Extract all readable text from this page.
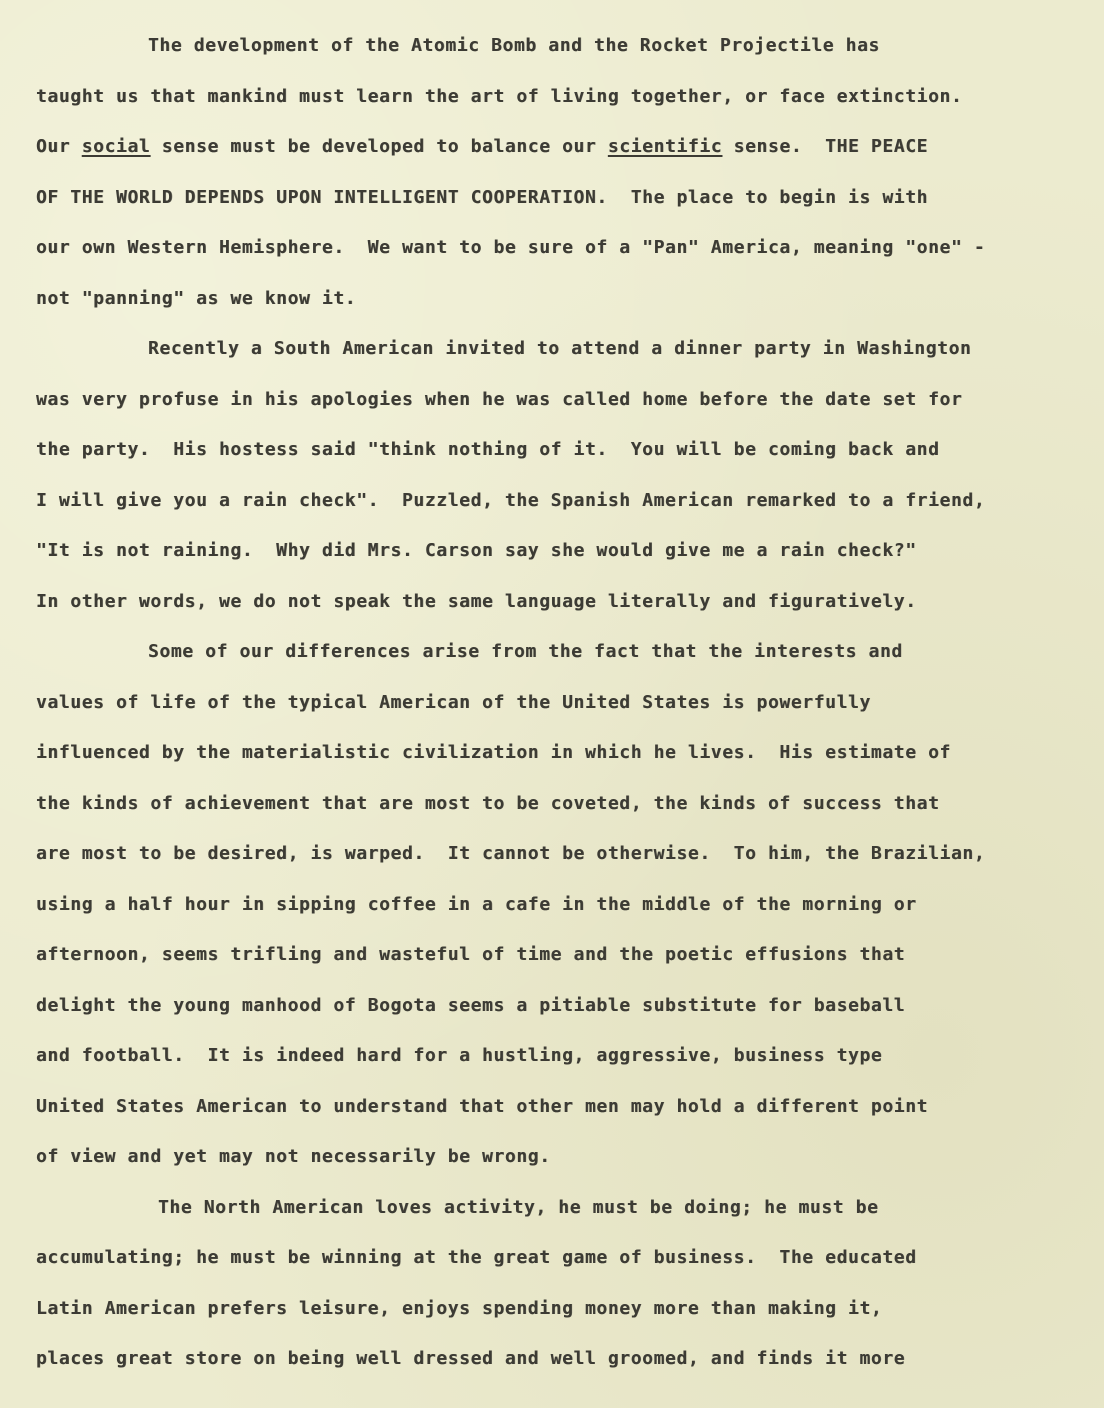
The development of the Atomic Bomb and the Rocket Projectile has
taught us that mankind must learn the art of living together, or face extinction.
Our social sense must be developed to balance our scientific sense.  THE PEACE
OF THE WORLD DEPENDS UPON INTELLIGENT COOPERATION.  The place to begin is with
our own Western Hemisphere.  We want to be sure of a "Pan" America, meaning "one" -
not "panning" as we know it.
Recently a South American invited to attend a dinner party in Washington
was very profuse in his apologies when he was called home before the date set for
the party.  His hostess said "think nothing of it.  You will be coming back and
I will give you a rain check".  Puzzled, the Spanish American remarked to a friend,
"It is not raining.  Why did Mrs. Carson say she would give me a rain check?"
In other words, we do not speak the same language literally and figuratively.
Some of our differences arise from the fact that the interests and
values of life of the typical American of the United States is powerfully
influenced by the materialistic civilization in which he lives.  His estimate of
the kinds of achievement that are most to be coveted, the kinds of success that
are most to be desired, is warped.  It cannot be otherwise.  To him, the Brazilian,
using a half hour in sipping coffee in a cafe in the middle of the morning or
afternoon, seems trifling and wasteful of time and the poetic effusions that
delight the young manhood of Bogota seems a pitiable substitute for baseball
and football.  It is indeed hard for a hustling, aggressive, business type
United States American to understand that other men may hold a different point
of view and yet may not necessarily be wrong.
The North American loves activity, he must be doing; he must be
accumulating; he must be winning at the great game of business.  The educated
Latin American prefers leisure, enjoys spending money more than making it,
places great store on being well dressed and well groomed, and finds it more
